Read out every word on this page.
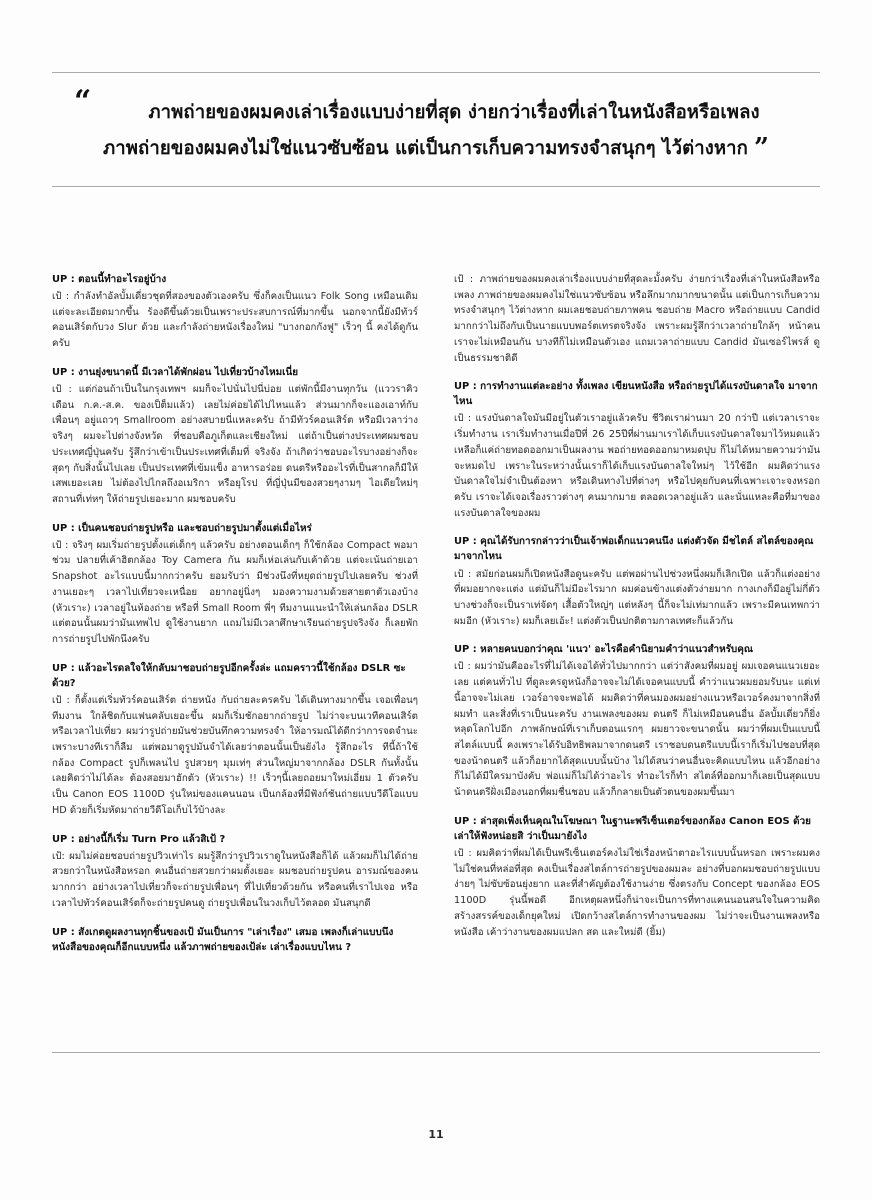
“	ภาพถ่ายของผมคงเล่าเรื่องแบบง่ายที่สุด ง่ายกว่าเรื่องที่เล่าในหนังสือหรือเพลง
ภาพถ่ายของผมคงไม่ใช่แนวซับซ้อน แต่เป็นการเก็บความทรงจำสนุกๆ ไว้ต่างหาก ”

UP : ตอนนี้ทำอะไรอยู่บ้าง

เป้ : กำลังทำอัลบั้มเดี่ยวชุดที่สองของตัวเองครับ ซึ่งก็คงเป็นแนว Folk Song เหมือนเดิม แต่จะละเอียดมากขึ้น ร้องดีขึ้นด้วยเป็นเพราะประสบการณ์ที่มากขึ้น นอกจากนี้ยังมีทัวร์คอนเสิร์ตกับวง Slur ด้วย และกำลังถ่ายหนังเรื่องใหม่ "บางกอกกังฟู" เร็วๆ นี้ คงได้ดูกันครับ

UP : งานยุ่งขนาดนี้ มีเวลาได้พักผ่อน ไปเที่ยวบ้างไหมเนี่ย

เป้ : แต่ก่อนถ้าเป็นในกรุงเทพฯ ผมก็จะไปนั่นไปนี่บ่อย แต่พักนี้มีงานทุกวัน (แววราคิวเดือน ก.ค.-ส.ค. ของเป็ต็มแล้ว) เลยไม่ค่อยได้ไปไหนแล้ว ส่วนมากก็จะแองเอาท์กับเพื่อนๆ อยู่แถวๆ Smallroom อย่างสบายนี่แหละครับ ถ้ามีทัวร์คอนเสิร์ต หรือมีเวลาว่างจริงๆ ผมจะไปต่างจังหวัด ที่ชอบคือภูเก็ตและเชียงใหม่ แต่ถ้าเป็นต่างประเทศผมชอบประเทศญี่ปุ่นครับ รู้สึกว่าเข้าเป็นประเทศที่เต็มที่ จริงจัง ถ้าเกิดว่าชอบอะไรบางอย่างก็จะสุดๆ กับสิ่งนั้นไปเลย เป็นประเทศที่เข้มแข็ง อาหารอร่อย ดนตรีหรืออะไรที่เป็นสากลก็มีให้เสพเยอะเลย ไม่ต้องไปไกลถึงอเมริกา หรือยุโรป ที่ญี่ปุ่นมีของสวยๆงามๆ ไอเดียใหม่ๆ สถานที่เท่หๆ ให้ถ่ายรูปเยอะมาก ผมชอบครับ

UP : เป็นคนชอบถ่ายรูปหรือ และชอบถ่ายรูปมาตั้งแต่เมื่อไหร่

เป้ : จริงๆ ผมเริ่มถ่ายรูปตั้งแต่เด็กๆ แล้วครับ อย่างตอนเด็กๆ ก็ใช้กล้อง Compact พอมาช่วม ปลายที่เค้าฮิตกล้อง Toy Camera กัน ผมก็เห่อเล่นกับเค้าด้วย แต่จะเน้นถ่ายเอา Snapshot อะไรแบบนี้มากกว่าครับ ยอมรับว่า มีช่วงนึงที่หยุดถ่ายรูปไปเลยครับ ช่วงที่งานเยอะๆ เวลาไปเที่ยวจะเหนื่อย อยากอยู่นิ่งๆ มองความงามด้วยสายตาตัวเองบ้าง (หัวเราะ) เวลาอยู่ในห้องถ่าย หรือที่ Small Room พี่ๆ ทีมงานแนะนำให้เล่นกล้อง DSLR แต่ตอนนั้นผมว่ามันเทพไป ดูใช้งานยาก แถมไม่มีเวลาศึกษาเรียนถ่ายรูปจริงจัง ก็เลยพักการถ่ายรูปไปพักนึงครับ

UP : แล้วอะไรดลใจให้กลับมาชอบถ่ายรูปอีกครั้งล่ะ แถมคราวนี้ใช้กล้อง DSLR ซะด้วย?

เป้ : ก็ตั้งแต่เริ่มทัวร์คอนเสิร์ต ถ่ายหนัง กับถ่ายละครครับ ได้เดินทางมากขึ้น เจอเพื่อนๆ ทีมงาน ใกล้ชิดกับแฟนคลับเยอะขึ้น ผมก็เริ่มชักอยากถ่ายรูป ไม่ว่าจะบนเวทีคอนเสิร์ต หรือเวลาไปเที่ยว ผมว่ารูปถ่ายมันช่วยบันทึกความทรงจำ ให้อารมณ์ได้ดีกว่าการจดจำนะ เพราะบางทีเราก็ลืม แต่พอมาดูรูปมันจำได้เลยว่าตอนนั้นเป็นยังไง รู้สึกอะไร ทีนี้ถ้าใช้กล้อง Compact รูปก็เพลนไป รูปสวยๆ มุมเท่ๆ ส่วนใหญ่มาจากกล้อง DSLR กันทั้งนั้น เลยคิดว่าไม่ได้ละ ต้องสอยมาฮักตัว (หัวเราะ) !! เร็วๆนี้เลยถอยมาใหม่เอี่ยม 1 ตัวครับ เป็น Canon EOS 1100D รุ่นใหม่ของแคนนอน เป็นกล้องที่มีฟังก์ชันถ่ายแบบวีดีโอแบบ HD ด้วยก็เริ่มหัดมาถ่ายวีดีโอเก็บไว้บ้างละ

UP : อย่างนี้ก็เริ่ม Turn Pro แล้วสิเป้ ?

เป้: ผมไม่ค่อยชอบถ่ายรูปวิวเท่าไร ผมรู้สึกว่ารูปวิวเราดูในหนังสือก็ได้ แล้วผมก็ไม่ได้ถ่ายสวยกว่าในหนังสือหรอก คนอื่นถ่ายสวยกว่าผมตั้งเยอะ ผมชอบถ่ายรูปคน อารมณ์ของคนมากกว่า อย่างเวลาไปเที่ยวก็จะถ่ายรูปเพื่อนๆ ที่ไปเที่ยวด้วยกัน หรือคนที่เราไปเจอ หรือเวลาไปทัวร์คอนเสิร์ตก็จะถ่ายรูปคนดู ถ่ายรูปเพื่อนในวงเก็บไว้ตลอด มันสนุกดี

UP : สังเกตดูผลงานทุกชิ้นของเป้ มันเป็นการ "เล่าเรื่อง" เสมอ เพลงก็เล่าแบบนึง หนังสือของคุณก็อีกแบบหนึ่ง แล้วภาพถ่ายของเป้ล่ะ เล่าเรื่องแบบไหน ?

เป้ : ภาพถ่ายของผมคงเล่าเรื่องแบบง่ายที่สุดละมั้งครับ ง่ายกว่าเรื่องที่เล่าในหนังสือหรือเพลง ภาพถ่ายของผมคงไม่ใช่แนวซับซ้อน หรือลึกมากมากขนาดนั้น แต่เป็นการเก็บความทรงจำสนุกๆ ไว้ต่างหาก ผมเลยชอบถ่ายภาพคน ชอบถ่าย Macro หรือถ่ายแบบ Candid มากกว่าไม่ถึงกับเป็นนายแบบพอร์ตเทรตจริงจัง เพราะผมรู้สึกว่าเวลาถ่ายใกล้ๆ หน้าคนเราจะไม่เหมือนกัน บางทีก็ไม่เหมือนตัวเอง แถมเวลาถ่ายแบบ Candid มันเซอร์ไพรส์ ดูเป็นธรรมชาติดี

UP : การทำงานแต่ละอย่าง ทั้งเพลง เขียนหนังสือ หรือถ่ายรูปได้แรงบันดาลใจ มาจากไหน

เป้ : แรงบันดาลใจมันมีอยู่ในตัวเราอยู่แล้วครับ ชีวิตเราผ่านมา 20 กว่าปี แต่เวลาเราจะเริ่มทำงาน เราเริ่มทำงานเมื่อปีที่ 26 25ปีที่ผ่านมาเราได้เก็บแรงบันดาลใจมาไว้หมดแล้ว เหลือก็แค่ถ่ายทอดออกมาเป็นผลงาน พอถ่ายทอดออกมาหมดปุบ ก็ไม่ได้หมายความว่ามันจะหมดไป เพราะในระหว่างนั้นเราก็ได้เก็บแรงบันดาลใจใหม่ๆ ไว้ใช้อีก ผมคิดว่าแรงบันดาลใจไม่จำเป็นต้องหา หรือเดินทางไปที่ต่างๆ หรือไปคุยกับคนที่เฉพาะเจาะจงหรอกครับ เราจะได้เจอเรื่องราวต่างๆ คนมากมาย ตลอดเวลาอยู่แล้ว และนั่นแหละคือที่มาของแรงบันดาลใจของผม

UP : คุณได้รับการกล่าวว่าเป็นเจ้าพ่อเด็กแนวคนนึง แต่งตัวจัด มีชไตล์ สไตล์ของคุณ มาจากไหน

เป้ : สมัยก่อนผมก็เปิดหนังสือดูนะครับ แต่พอผ่านไปช่วงหนึ่งผมก็เลิกเปิด แล้วก็แต่งอย่างที่ผมอยากจะแต่ง แต่มันก็ไม่มีอะไรมาก ผมค่อนข้างแต่งตัวง่ายมาก กางเกงก็มีอยู่ไม่กี่ตัว บางช่วงก็จะเป็นราเท่จัดๆ เสื้อตัวใหญ่ๆ แต่หลังๆ นี้ก็จะไม่เท่มากแล้ว เพราะมีคนเทพกว่าผมอีก (หัวเราะ) ผมก็เลยเอ้ะ! แต่งตัวเป็นปกติตามกาลเทศะก็แล้วกัน

UP : หลายคนบอกว่าคุณ 'แนว' อะไรคือคำนิยามคำว่าแนวสำหรับคุณ

เป้ : ผมว่ามันคืออะไรที่ไม่ได้เจอได้ทั่วไปมากกว่า แต่ว่าสังคมที่ผมอยู่ ผมเจอคนแนวเยอะเลย แต่คนทั่วไป ที่ดูละครดูหนังก็อาจจะไม่ได้เจอคนแบบนี้ คำว่าแนวผมยอมรับนะ แต่เท่นี้อาจจะไม่เลย เวอร์อาจจะพอได้ ผมคิดว่าที่คนมองผมอย่างแนวหรือเวอร์คงมาจากสิ่งที่ผมทำ และสิ่งที่เราเป็นนะครับ งานเพลงของผม ดนตรี ก็ไม่เหมือนคนอื่น อัลบั้มเดี่ยวก็ยิ่งหลุดโลกไปอีก ภาพลักษณ์ที่เราเก็บตอนแรกๆ ผมยาวจะขนาดนั้น ผมว่าที่ผมเป็นแบบนี้ สไตล์แบบนี้ คงเพราะได้รับอิทธิพลมาจากดนตรี เราชอบดนตรีแบบนี้เราก็เริ่มไปชอบที่สุดของน้าดนตรี แล้วก็อยากได้สุดแบบนั้นบ้าง ไม่ได้สนว่าคนอื่นจะคิดแบบไหน แล้วอีกอย่างก็ไม่ได้มีใครมาบังคับ พ่อแม่ก็ไม่ได้ว่าอะไร ทำอะไรก็ทำ สไตล์ที่ออกมาก็เลยเป็นสุดแบบน้าดนตรีฝั่งเมืองนอกที่ผมชื่นชอบ แล้วก็กลายเป็นตัวตนของผมขึ้นมา

UP : ล่าสุดเพิ่งเห็นคุณในโฆษณา ในฐานะพรีเซ็นเตอร์ของกล้อง Canon EOS ด้วย เล่าให้ฟังหน่อยสิ ว่าเป็นมายังไง

เป้ : ผมคิดว่าที่ผมได้เป็นพรีเซ็นเตอร์คงไม่ใช่เรื่องหน้าตาอะไรแบบนั้นหรอก เพราะผมคงไม่ใช่คนที่หล่อที่สุด คงเป็นเรื่องสไตล์การถ่ายรูปของผมละ อย่างที่บอกผมชอบถ่ายรูปแบบง่ายๆ ไม่ซับซ้อนยุ่งยาก และที่สำคัญต้องใช้งานง่าย ซึ่งตรงกับ Concept ของกล้อง EOS 1100D รุ่นนี้พอดี อีกเหตุผลหนึ่งก็น่าจะเป็นการที่ทางแคนนอนสนใจในความคิดสร้างสรรค์ของเด็กยุคใหม่ เปิดกว้างสไตล์การทำงานของผม ไม่ว่าจะเป็นงานเพลงหรือหนังสือ เค้าว่างานของผมแปลก สด และใหม่ดี (ยิ้ม)

11
